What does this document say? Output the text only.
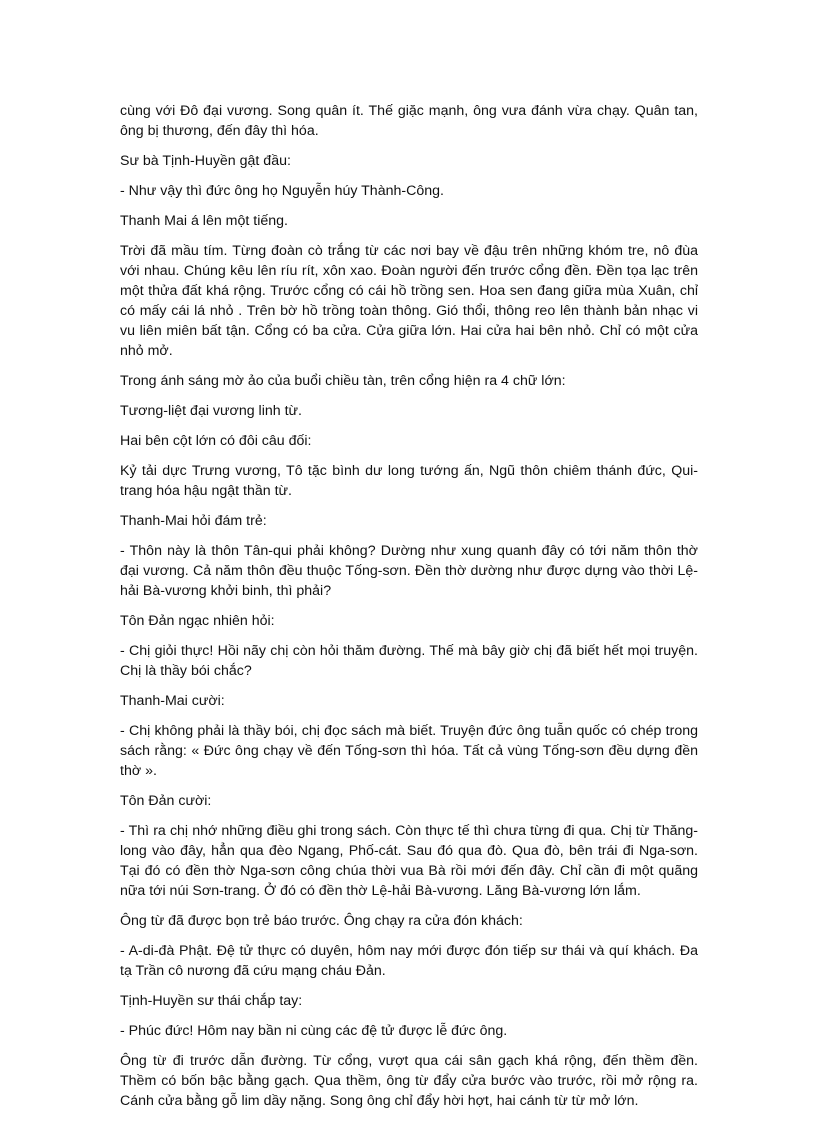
cùng với Đô đại vương. Song quân ít. Thế giặc mạnh, ông vưa đánh vừa chạy. Quân tan, ông bị thương, đến đây thì hóa.

Sư bà Tịnh-Huyền gật đầu:

- Như vậy thì đức ông họ Nguyễn húy Thành-Công.

Thanh Mai á lên một tiếng.

Trời đã mầu tím. Từng đoàn cò trắng từ các nơi bay về đậu trên những khóm tre, nô đùa với nhau. Chúng kêu lên ríu rít, xôn xao. Đoàn người đến trước cổng đền. Đền tọa lạc trên một thửa đất khá rộng. Trước cổng có cái hồ trồng sen. Hoa sen đang giữa mùa Xuân, chỉ có mấy cái lá nhỏ . Trên bờ hồ trồng toàn thông. Gió thổi, thông reo lên thành bản nhạc vi vu liên miên bất tận. Cổng có ba cửa. Cửa giữa lớn. Hai cửa hai bên nhỏ. Chỉ có một cửa nhỏ mở.

Trong ánh sáng mờ ảo của buổi chiều tàn, trên cổng hiện ra 4 chữ lớn:

Tương-liệt đại vương linh từ.

Hai bên cột lớn có đôi câu đối:

Kỷ tải dực Trưng vương, Tô tặc bình dư long tướng ấn, Ngũ thôn chiêm thánh đức, Qui-trang hóa hậu ngật thần từ.

Thanh-Mai hỏi đám trẻ:

- Thôn này là thôn Tân-qui phải không? Dường như xung quanh đây có tới năm thôn thờ đại vương. Cả năm thôn đều thuộc Tống-sơn. Đền thờ dường như được dựng vào thời Lệ-hải Bà-vương khởi binh, thì phải?

Tôn Đản ngạc nhiên hỏi:

- Chị giỏi thực! Hồi nãy chị còn hỏi thăm đường. Thế mà bây giờ chị đã biết hết mọi truyện. Chị là thầy bói chắc?

Thanh-Mai cười:

- Chị không phải là thầy bói, chị đọc sách mà biết. Truyện đức ông tuẫn quốc có chép trong sách rằng: « Đức ông chạy về đến Tống-sơn thì hóa. Tất cả vùng Tống-sơn đều dựng đền thờ ».

Tôn Đản cười:

- Thì ra chị nhớ những điều ghi trong sách. Còn thực tế thì chưa từng đi qua. Chị từ Thăng-long vào đây, hẳn qua đèo Ngang, Phố-cát. Sau đó qua đò. Qua đò, bên trái đi Nga-sơn. Tại đó có đền thờ Nga-sơn công chúa thời vua Bà rồi mới đến đây. Chỉ cần đi một quãng nữa tới núi Sơn-trang. Ở đó có đền thờ Lệ-hải Bà-vương. Lăng Bà-vương lớn lắm.

Ông từ đã được bọn trẻ báo trước. Ông chạy ra cửa đón khách:

- A-di-đà Phật. Đệ tử thực có duyên, hôm nay mới được đón tiếp sư thái và quí khách. Đa tạ Trần cô nương đã cứu mạng cháu Đản.

Tịnh-Huyền sư thái chắp tay:

- Phúc đức! Hôm nay bần ni cùng các đệ tử được lễ đức ông.

Ông từ đi trước dẫn đường. Từ cổng, vượt qua cái sân gạch khá rộng, đến thềm đền. Thềm có bốn bậc bằng gạch. Qua thềm, ông từ đẩy cửa bước vào trước, rồi mở rộng ra. Cánh cửa bằng gỗ lim dầy nặng. Song ông chỉ đẩy hời hợt, hai cánh từ từ mở lớn.
